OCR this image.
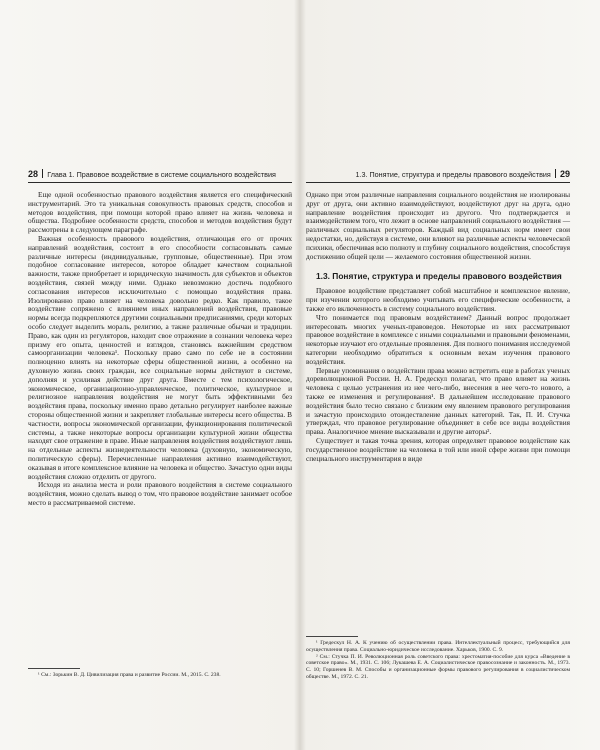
28 Глава 1. Правовое воздействие в системе социального воздействия

Еще одной особенностью правового воздействия является его специфический инструментарий. Это та уникальная совокупность правовых средств, способов и методов воздействия, при помощи которой право влияет на жизнь человека и общества. Подробнее особенности средств, способов и методов воздействия будут рассмотрены в следующем параграфе.

Важная особенность правового воздействия, отличающая его от прочих направлений воздействия, состоит в его способности согласовывать самые различные интересы (индивидуальные, групповые, общественные). При этом подобное согласование интересов, которое обладает качеством социальной важности, также приобретает и юридическую значимость для субъектов и объектов воздействия, связей между ними. Однако невозможно достичь подобного согласования интересов исключительно с помощью воздействия права. Изолированно право влияет на человека довольно редко. Как правило, такое воздействие сопряжено с влиянием иных направлений воздействия, правовые нормы всегда подкрепляются другими социальными предписаниями, среди которых особо следует выделить мораль, религию, а также различные обычаи и традиции. Право, как один из регуляторов, находит свое отражение в сознании человека через призму его опыта, ценностей и взглядов, становясь важнейшим средством самоорганизации человека¹. Поскольку право само по себе не в состоянии полноценно влиять на некоторые сферы общественной жизни, а особенно на духовную жизнь своих граждан, все социальные нормы действуют в системе, дополняя и усиливая действие друг друга. Вместе с тем психологическое, экономическое, организационно-управленческое, политическое, культурное и религиозное направления воздействия не могут быть эффективными без воздействия права, поскольку именно право детально регулирует наиболее важные стороны общественной жизни и закрепляет глобальные интересы всего общества. В частности, вопросы экономической организации, функционирования политической системы, а также некоторые вопросы организации культурной жизни общества находят свое отражение в праве. Иные направления воздействия воздействуют лишь на отдельные аспекты жизнедеятельности человека (духовную, экономическую, политическую сферы). Перечисленные направления активно взаимодействуют, оказывая в итоге комплексное влияние на человека и общество. Зачастую одни виды воздействия сложно отделить от другого.

Исходя из анализа места и роли правового воздействия в системе социального воздействия, можно сделать вывод о том, что правовое воздействие занимает особое место в рассматриваемой системе.

¹ См.: Зорькин В. Д. Цивилизация права и развитие России. М., 2015. С. 238.

1.3. Понятие, структура и пределы правового воздействия 29

Однако при этом различные направления социального воздействия не изолированы друг от друга, они активно взаимодействуют, воздействуют друг на друга, одно направление воздействия происходит из другого. Что подтверждается и взаимодействием того, что лежит в основе направлений социального воздействия — различных социальных регуляторов. Каждый вид социальных норм имеет свои недостатки, но, действуя в системе, они влияют на различные аспекты человеческой психики, обеспечивая всю полноту и глубину социального воздействия, способствуя достижению общей цели — желаемого состояния общественной жизни.

1.3. Понятие, структура и пределы правового воздействия

Правовое воздействие представляет собой масштабное и комплексное явление, при изучении которого необходимо учитывать его специфические особенности, а также его включенность в систему социального воздействия.

Что понимается под правовым воздействием? Данный вопрос продолжает интересовать многих ученых-правоведов. Некоторые из них рассматривают правовое воздействие в комплексе с иными социальными и правовыми феноменами, некоторые изучают его отдельные проявления. Для полного понимания исследуемой категории необходимо обратиться к основным вехам изучения правового воздействия.

Первые упоминания о воздействии права можно встретить еще в работах ученых дореволюционной России. Н. А. Гредескул полагал, что право влияет на жизнь человека с целью устранения из нее чего-либо, внесения в нее чего-то нового, а также ее изменения и регулирования¹. В дальнейшем исследование правового воздействия было тесно связано с близким ему явлением правового регулирования и зачастую происходило отождествление данных категорий. Так, П. И. Стучка утверждал, что правовое регулирование объединяет в себе все виды воздействия права. Аналогичное мнение высказывали и другие авторы².

Существует и такая точка зрения, которая определяет правовое воздействие как государственное воздействие на человека в той или иной сфере жизни при помощи специального инструментария в виде

¹ Гредескул Н. А. К учению об осуществлении права. Интеллектуальный процесс, требующийся для осуществления права. Социально-юридическое исследование. Харьков, 1900. С. 9.

² См.: Стучка П. И. Революционная роль советского права: хрестоматия-пособие для курса «Введение в советское право». М., 1931. С. 106; Лукашева Е. А. Социалистическое правосознание и законность. М., 1973. С. 10; Горшенев В. М. Способы и организационные формы правового регулирования в социалистическом обществе. М., 1972. С. 21.
